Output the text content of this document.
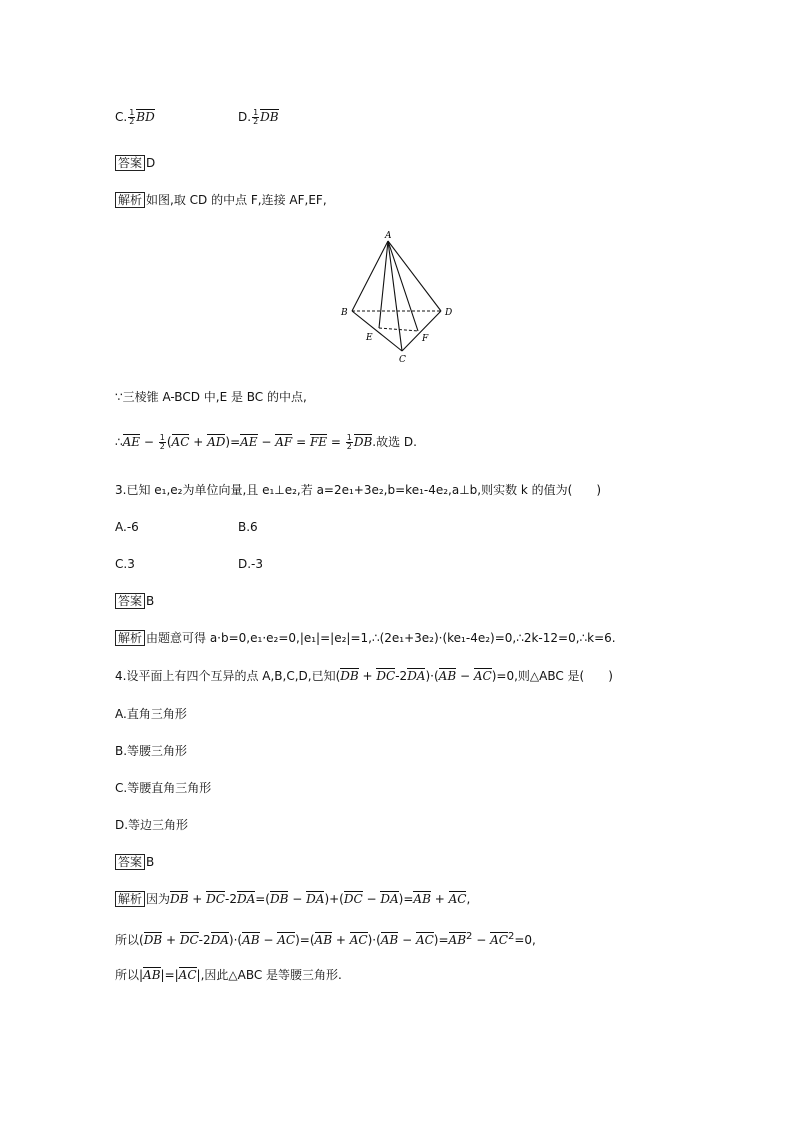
C. $\frac{1}{2}$ BD	D. $\frac{1}{2}$ DB
答案 D
解析 如图,取 CD 的中点 F,连接 AF,EF,
A
B	D
E
C
F
∵三棱锥 A-BCD 中,E 是 BC 的中点,
∴AE − $\frac{1}{2} (AC + AD)=AE$ − AF = FE = $\frac{1}{2}$ DB.故选 D.
3.已知 e₁,e₂为单位向量,且 e₁⊥e₂,若 a=2e₁+3e₂,b=ke₁-4e₂,a⊥b,则实数 k 的值为(　　)
A.-6	B.6
C.3	D.-3
答案 B
解析 由题意可得 a·b=0,e₁·e₂=0,|e₁|=|e₂|=1,∴(2e₁+3e₂)·(ke₁-4e₂)=0,∴2k-12=0,∴k=6.
4.设平面上有四个互异的点 A,B,C,D,已知(DB + DC-2DA)·(AB − AC)=0,则△ABC 是(　　)
A.直角三角形
B.等腰三角形
C.等腰直角三角形
D.等边三角形
答案 B
解析 因为DB + DC-2DA=(DB − DA)+(DC − DA)=AB + AC,
所以$(DB + DC-2DA)\cdot(AB - AC)=(AB + AC)\cdot(AB - AC)=AB^2 - AC^2=0$,
所以|AB|=|AC|,因此△ABC 是等腰三角形.
